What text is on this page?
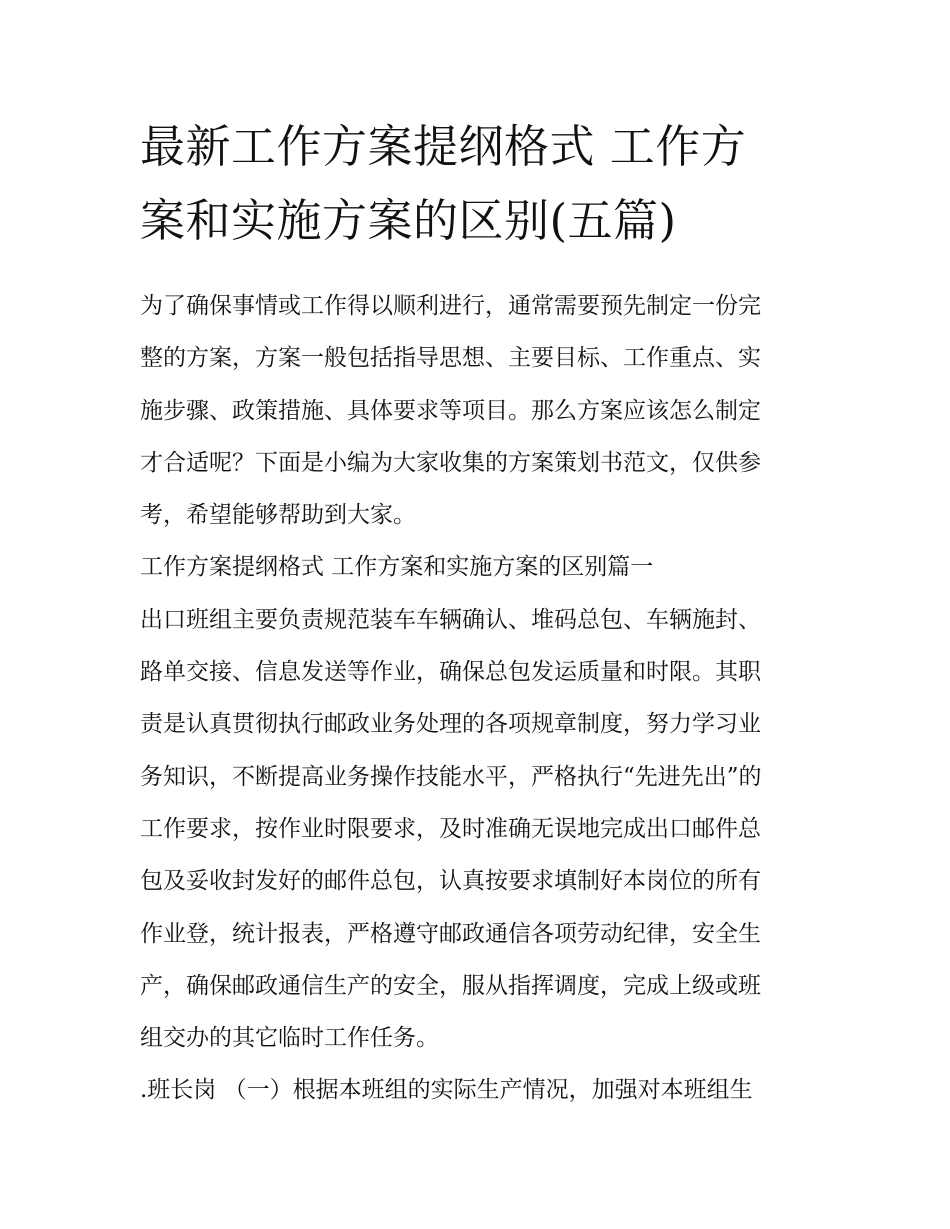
最新工作方案提纲格式 工作方
案和实施方案的区别(五篇)
为了确保事情或工作得以顺利进行，通常需要预先制定一份完
整的方案，方案一般包括指导思想、主要目标、工作重点、实
施步骤、政策措施、具体要求等项目。那么方案应该怎么制定
才合适呢？下面是小编为大家收集的方案策划书范文，仅供参
考，希望能够帮助到大家。
工作方案提纲格式 工作方案和实施方案的区别篇一
出口班组主要负责规范装车车辆确认、堆码总包、车辆施封、
路单交接、信息发送等作业，确保总包发运质量和时限。其职
责是认真贯彻执行邮政业务处理的各项规章制度，努力学习业
务知识，不断提高业务操作技能水平，严格执行“先进先出”的
工作要求，按作业时限要求，及时准确无误地完成出口邮件总
包及妥收封发好的邮件总包，认真按要求填制好本岗位的所有
作业登，统计报表，严格遵守邮政通信各项劳动纪律，安全生
产，确保邮政通信生产的安全，服从指挥调度，完成上级或班
组交办的其它临时工作任务。
.班长岗 （一）根据本班组的实际生产情况，加强对本班组生
